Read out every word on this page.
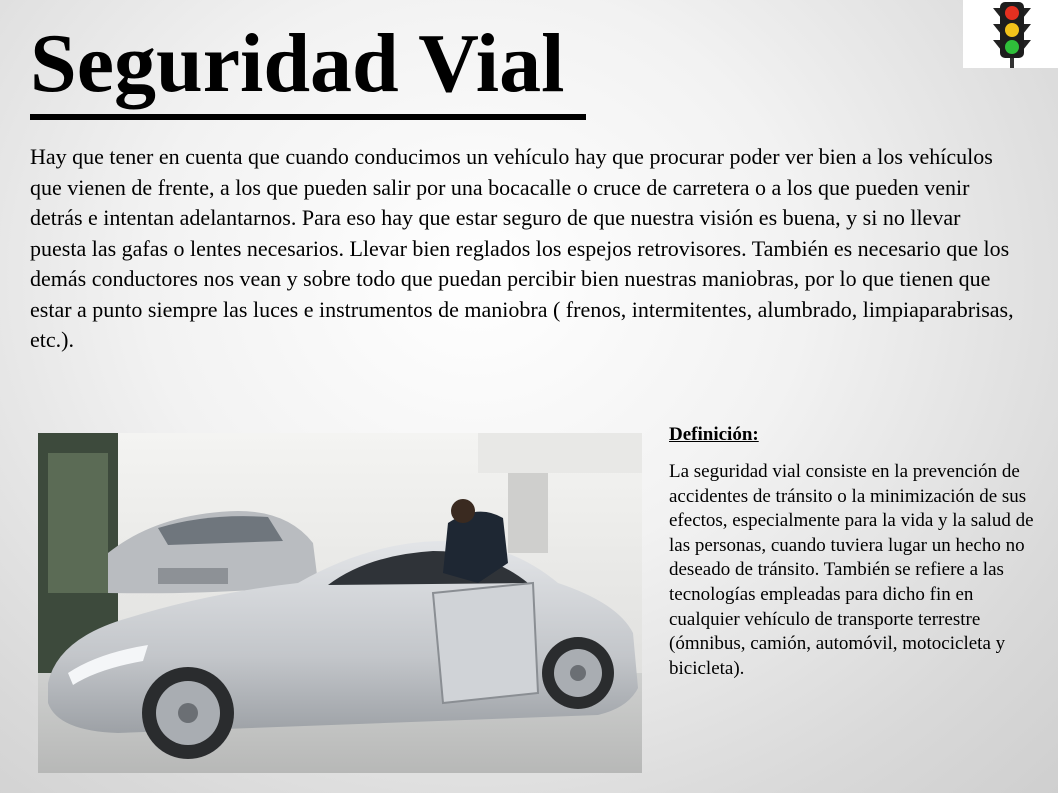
Seguridad Vial

Hay que tener en cuenta que cuando conducimos un vehículo hay que procurar poder ver bien a los vehículos que vienen de frente, a los que pueden salir por una bocacalle o cruce de carretera o a los que pueden venir detrás e intentan adelantarnos. Para eso hay que estar seguro de que nuestra visión es buena, y si no llevar puesta las gafas o lentes necesarios. Llevar bien reglados los espejos retrovisores. También es necesario que los demás conductores nos vean y sobre todo que puedan percibir bien nuestras maniobras, por lo que tienen que estar a punto siempre las luces e instrumentos de maniobra ( frenos, intermitentes, alumbrado, limpiaparabrisas, etc.).

Definición:

La seguridad vial consiste en la prevención de accidentes de tránsito o la minimización de sus efectos, especialmente para la vida y la salud de las personas, cuando tuviera lugar un hecho no deseado de tránsito. También se refiere a las tecnologías empleadas para dicho fin en cualquier vehículo de transporte terrestre (ómnibus, camión, automóvil, motocicleta y bicicleta).
